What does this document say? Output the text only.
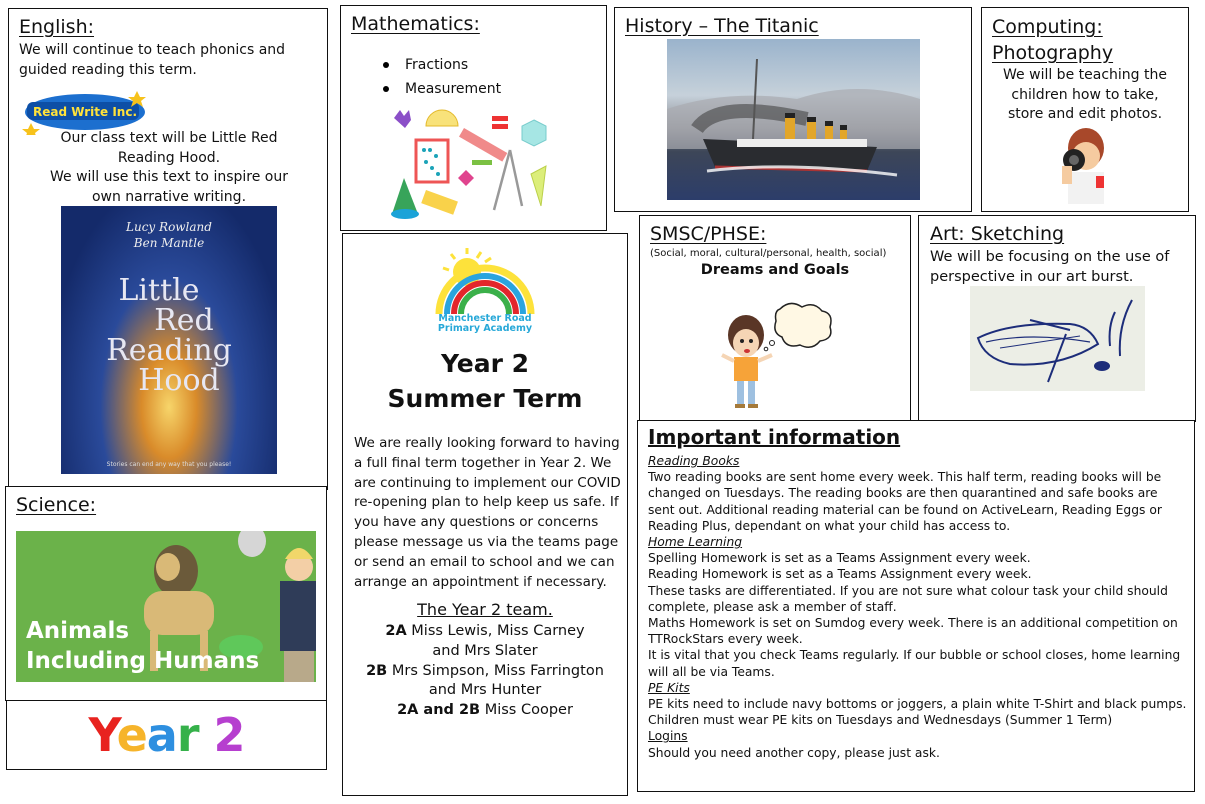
English:
We will continue to teach phonics and guided reading this term.
Read Write Inc.
Our class text will be Little Red
Reading Hood.
We will use this text to inspire our
own narrative writing.
Lucy Rowland
Ben Mantle
Little
Red
Reading
Hood
Stories can end any way that you please!
Mathematics:
Fractions
Measurement
Manchester Road
Primary Academy
Year 2
Summer Term
We are really looking forward to having a full final term together in Year 2. We are continuing to implement our COVID re-opening plan to help keep us safe. If you have any questions or concerns please message us via the teams page or send an email to school and we can arrange an appointment if necessary.
The Year 2 team.
2A Miss Lewis, Miss Carney
and Mrs Slater
2B Mrs Simpson, Miss Farrington
and Mrs Hunter
2A and 2B Miss Cooper
History – The Titanic	Computing:
Photography
We will be teaching the
children how to take,
store and edit photos.
SMSC/PHSE:
(Social, moral, cultural/personal, health, social)
Dreams and Goals
Art: Sketching
We will be focusing on the use of perspective in our art burst.
Important information
Reading Books
Two reading books are sent home every week. This half term, reading books will be changed on Tuesdays. The reading books are then quarantined and safe books are sent out. Additional reading material can be found on ActiveLearn, Reading Eggs or Reading Plus, dependant on what your child has access to.
Home Learning
Spelling Homework is set as a Teams Assignment every week.
Reading Homework is set as a Teams Assignment every week.
These tasks are differentiated. If you are not sure what colour task your child should complete, please ask a member of staff.
Maths Homework is set on Sumdog every week. There is an additional competition on TTRockStars every week.
It is vital that you check Teams regularly. If our bubble or school closes, home learning will all be via Teams.
PE Kits
PE kits need to include navy bottoms or joggers, a plain white T-Shirt and black pumps.
Children must wear PE kits on Tuesdays and Wednesdays (Summer 1 Term)
Logins
Should you need another copy, please just ask.
Science:
Animals
Including Humans
Year 2
